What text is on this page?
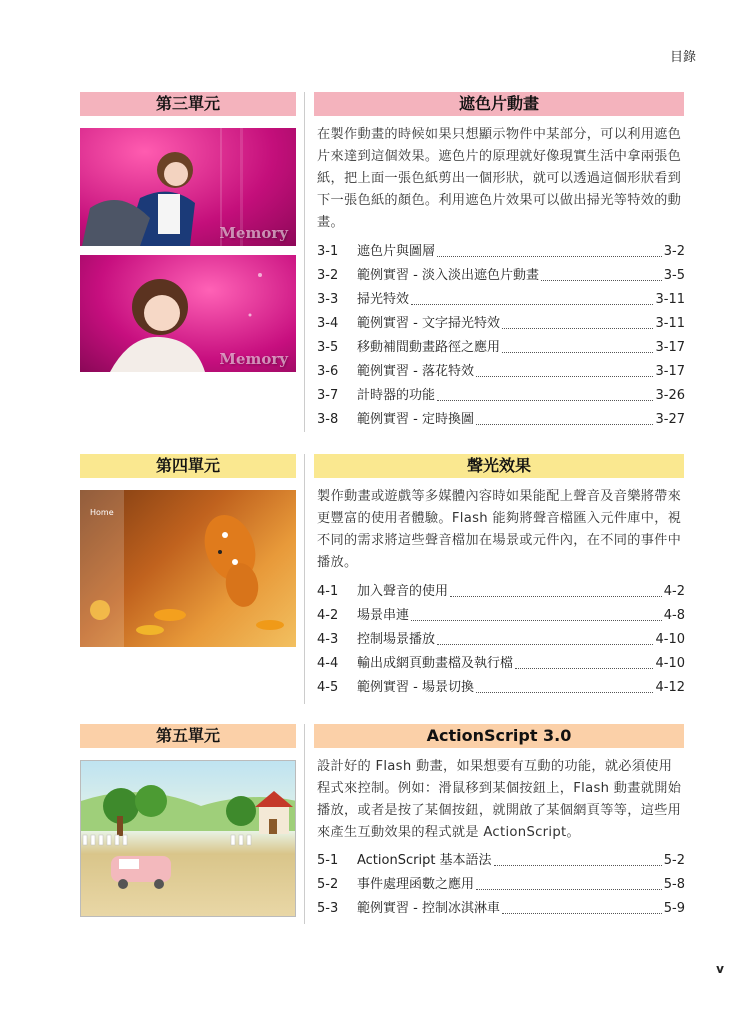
目錄
第三單元	遮色片動畫
Memory
Memory

在製作動畫的時候如果只想顯示物件中某部分，可以利用遮色片來達到這個效果。遮色片的原理就好像現實生活中拿兩張色紙，把上面一張色紙剪出一個形狀，就可以透過這個形狀看到下一張色紙的顏色。利用遮色片效果可以做出掃光等特效的動畫。

3-1	遮色片與圖層	3-2
3-2	範例實習 - 淡入淡出遮色片動畫	3-5
3-3	掃光特效	3-11
3-4	範例實習 - 文字掃光特效	3-11
3-5	移動補間動畫路徑之應用	3-17
3-6	範例實習 - 落花特效	3-17
3-7	計時器的功能	3-26
3-8	範例實習 - 定時換圖	3-27
第四單元	聲光效果
Home

製作動畫或遊戲等多媒體內容時如果能配上聲音及音樂將帶來更豐富的使用者體驗。Flash 能夠將聲音檔匯入元件庫中，視不同的需求將這些聲音檔加在場景或元件內，在不同的事件中播放。

4-1	加入聲音的使用	4-2
4-2	場景串連	4-8
4-3	控制場景播放	4-10
4-4	輸出成網頁動畫檔及執行檔	4-10
4-5	範例實習 - 場景切換	4-12
第五單元	ActionScript 3.0

設計好的 Flash 動畫，如果想要有互動的功能，就必須使用程式來控制。例如：滑鼠移到某個按鈕上，Flash 動畫就開始播放，或者是按了某個按鈕，就開啟了某個網頁等等，這些用來產生互動效果的程式就是 ActionScript。

5-1	ActionScript 基本語法	5-2
5-2	事件處理函數之應用	5-8
5-3	範例實習 - 控制冰淇淋車	5-9
v
